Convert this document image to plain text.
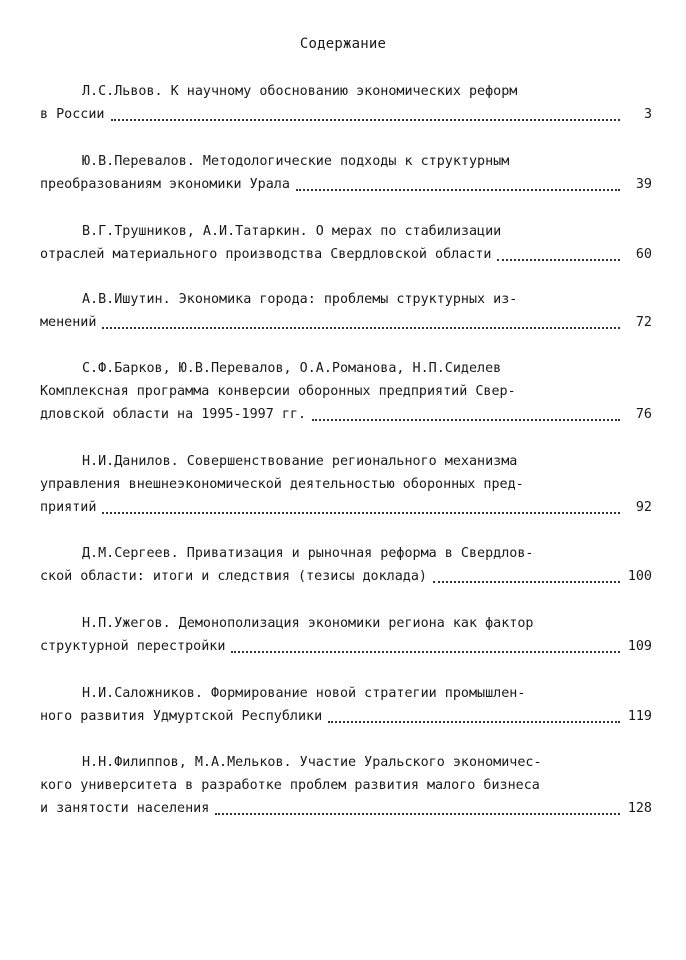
Содержание
Л.С.Львов. К научному обоснованию экономических реформ
в России	3
Ю.В.Перевалов. Методологические подходы к структурным
преобразованиям экономики Урала	39
В.Г.Трушников, А.И.Татаркин. О мерах по стабилизации
отраслей материального производства Свердловской области	60
А.В.Ишутин. Экономика города: проблемы структурных из-
менений	72
С.Ф.Барков, Ю.В.Перевалов, О.А.Романова, Н.П.Сиделев
Комплексная программа конверсии оборонных предприятий Свер-
дловской области на 1995-1997 гг.	76
Н.И.Данилов. Совершенствование регионального механизма
управления внешнеэкономической деятельностью оборонных пред-
приятий	92
Д.М.Сергеев. Приватизация и рыночная реформа в Свердлов-
ской области: итоги и следствия (тезисы доклада)	100
Н.П.Ужегов. Демонополизация экономики региона как фактор
структурной перестройки	109
Н.И.Саложников. Формирование новой стратегии промышлен-
ного развития Удмуртской Республики	119
Н.Н.Филиппов, М.А.Мельков. Участие Уральского экономичес-
кого университета в разработке проблем развития малого бизнеса
и занятости населения	128
